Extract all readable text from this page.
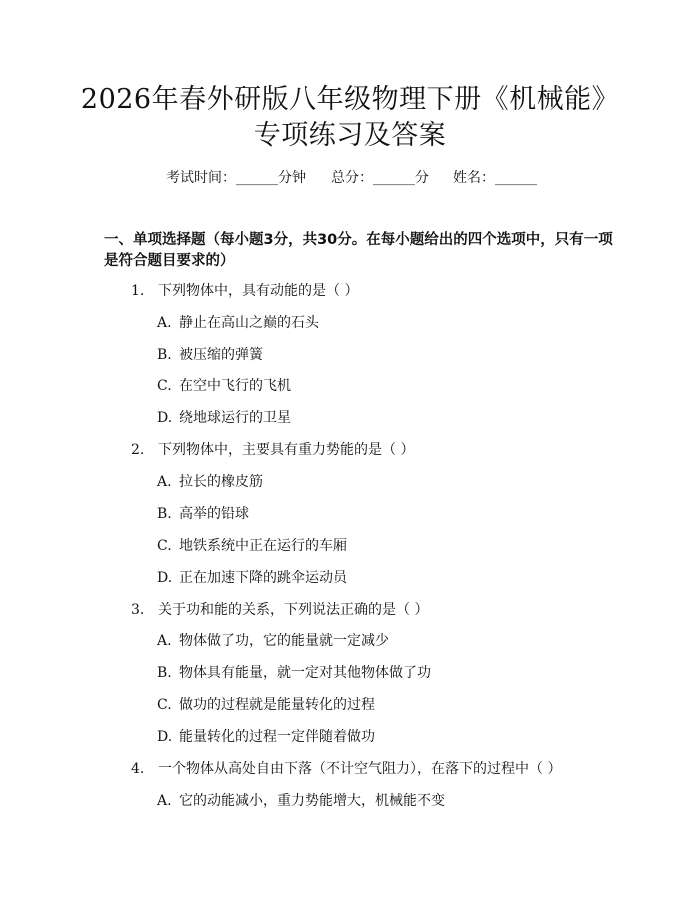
2026年春外研版八年级物理下册《机械能》
专项练习及答案
考试时间：______分钟 总分：______分 姓名：______
一、单项选择题（每小题3分，共30分。在每小题给出的四个选项中，只有一项
是符合题目要求的）
1. 下列物体中，具有动能的是（ ）
A. 静止在高山之巅的石头
B. 被压缩的弹簧
C. 在空中飞行的飞机
D. 绕地球运行的卫星
2. 下列物体中，主要具有重力势能的是（ ）
A. 拉长的橡皮筋
B. 高举的铅球
C. 地铁系统中正在运行的车厢
D. 正在加速下降的跳伞运动员
3. 关于功和能的关系，下列说法正确的是（ ）
A. 物体做了功，它的能量就一定减少
B. 物体具有能量，就一定对其他物体做了功
C. 做功的过程就是能量转化的过程
D. 能量转化的过程一定伴随着做功
4. 一个物体从高处自由下落（不计空气阻力），在落下的过程中（ ）
A. 它的动能减小，重力势能增大，机械能不变
